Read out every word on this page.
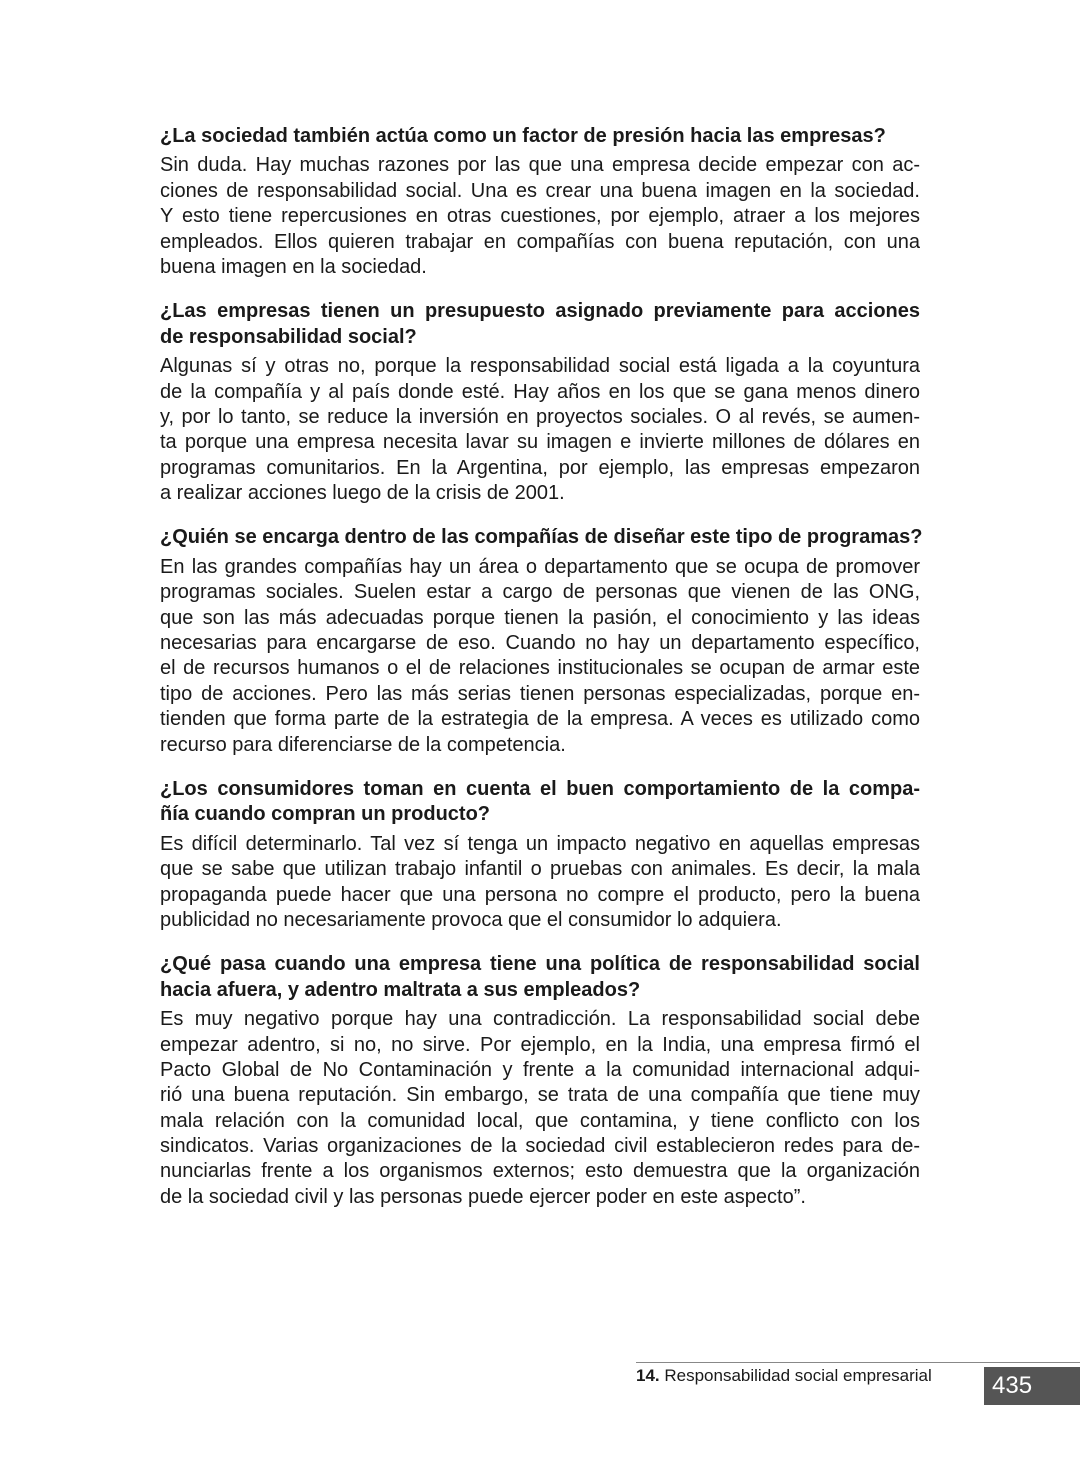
¿La sociedad también actúa como un factor de presión hacia las empresas?
Sin duda. Hay muchas razones por las que una empresa decide empezar con ac-
ciones de responsabilidad social. Una es crear una buena imagen en la sociedad.
Y esto tiene repercusiones en otras cuestiones, por ejemplo, atraer a los mejores
empleados. Ellos quieren trabajar en compañías con buena reputación, con una
buena imagen en la sociedad.
¿Las empresas tienen un presupuesto asignado previamente para acciones
de responsabilidad social?
Algunas sí y otras no, porque la responsabilidad social está ligada a la coyuntura
de la compañía y al país donde esté. Hay años en los que se gana menos dinero
y, por lo tanto, se reduce la inversión en proyectos sociales. O al revés, se aumen-
ta porque una empresa necesita lavar su imagen e invierte millones de dólares en
programas comunitarios. En la Argentina, por ejemplo, las empresas empezaron
a realizar acciones luego de la crisis de 2001.
¿Quién se encarga dentro de las compañías de diseñar este tipo de programas?
En las grandes compañías hay un área o departamento que se ocupa de promover
programas sociales. Suelen estar a cargo de personas que vienen de las ONG,
que son las más adecuadas porque tienen la pasión, el conocimiento y las ideas
necesarias para encargarse de eso. Cuando no hay un departamento específico,
el de recursos humanos o el de relaciones institucionales se ocupan de armar este
tipo de acciones. Pero las más serias tienen personas especializadas, porque en-
tienden que forma parte de la estrategia de la empresa. A veces es utilizado como
recurso para diferenciarse de la competencia.
¿Los consumidores toman en cuenta el buen comportamiento de la compa-
ñía cuando compran un producto?
Es difícil determinarlo. Tal vez sí tenga un impacto negativo en aquellas empresas
que se sabe que utilizan trabajo infantil o pruebas con animales. Es decir, la mala
propaganda puede hacer que una persona no compre el producto, pero la buena
publicidad no necesariamente provoca que el consumidor lo adquiera.
¿Qué pasa cuando una empresa tiene una política de responsabilidad social
hacia afuera, y adentro maltrata a sus empleados?
Es muy negativo porque hay una contradicción. La responsabilidad social debe
empezar adentro, si no, no sirve. Por ejemplo, en la India, una empresa firmó el
Pacto Global de No Contaminación y frente a la comunidad internacional adqui-
rió una buena reputación. Sin embargo, se trata de una compañía que tiene muy
mala relación con la comunidad local, que contamina, y tiene conflicto con los
sindicatos. Varias organizaciones de la sociedad civil establecieron redes para de-
nunciarlas frente a los organismos externos; esto demuestra que la organización
de la sociedad civil y las personas puede ejercer poder en este aspecto”.
14. Responsabilidad social empresarial	435
